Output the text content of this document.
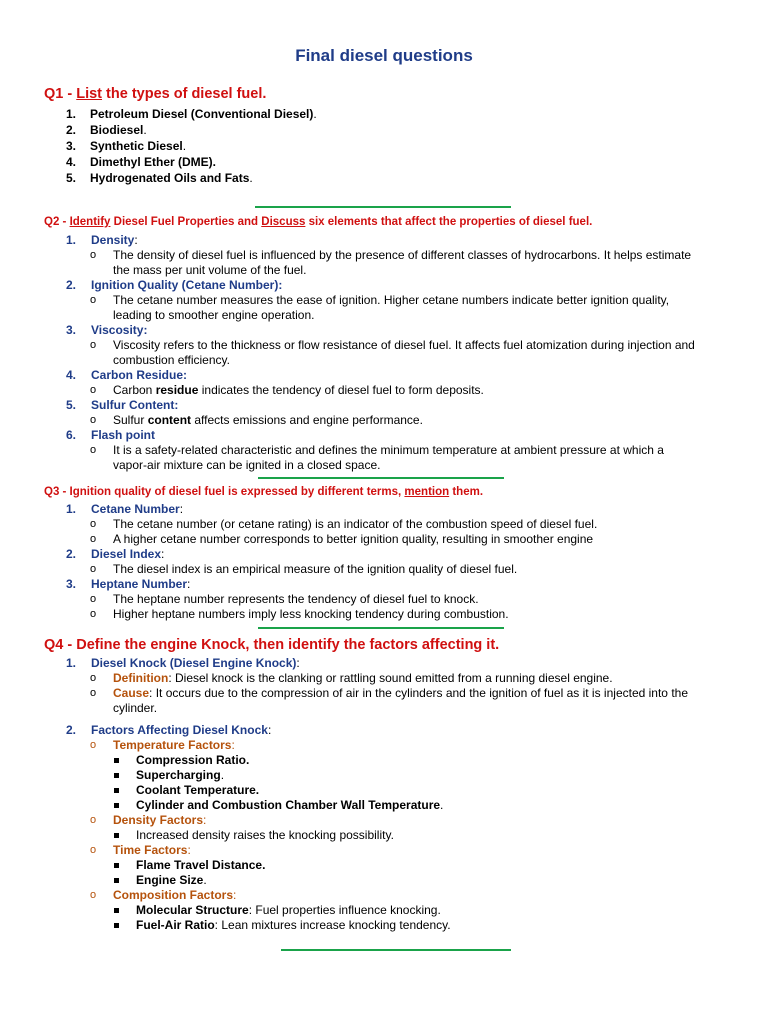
Final diesel questions
Q1 - List the types of diesel fuel.
1. Petroleum Diesel (Conventional Diesel).
2. Biodiesel.
3. Synthetic Diesel.
4. Dimethyl Ether (DME).
5. Hydrogenated Oils and Fats.
Q2 - Identify Diesel Fuel Properties and Discuss six elements that affect the properties of diesel fuel.
1. Density:
o The density of diesel fuel is influenced by the presence of different classes of hydrocarbons. It helps estimate
the mass per unit volume of the fuel.
2. Ignition Quality (Cetane Number):
o The cetane number measures the ease of ignition. Higher cetane numbers indicate better ignition quality,
leading to smoother engine operation.
3. Viscosity:
o Viscosity refers to the thickness or flow resistance of diesel fuel. It affects fuel atomization during injection and
combustion efficiency.
4. Carbon Residue:
o Carbon residue indicates the tendency of diesel fuel to form deposits.
5. Sulfur Content:
o Sulfur content affects emissions and engine performance.
6. Flash point
o It is a safety-related characteristic and defines the minimum temperature at ambient pressure at which a
vapor-air mixture can be ignited in a closed space.
Q3 - Ignition quality of diesel fuel is expressed by different terms, mention them.
1. Cetane Number:
o The cetane number (or cetane rating) is an indicator of the combustion speed of diesel fuel.
o A higher cetane number corresponds to better ignition quality, resulting in smoother engine
2. Diesel Index:
o The diesel index is an empirical measure of the ignition quality of diesel fuel.
3. Heptane Number:
o The heptane number represents the tendency of diesel fuel to knock.
o Higher heptane numbers imply less knocking tendency during combustion.
Q4 - Define the engine Knock, then identify the factors affecting it.
1. Diesel Knock (Diesel Engine Knock):
o Definition: Diesel knock is the clanking or rattling sound emitted from a running diesel engine.
o Cause: It occurs due to the compression of air in the cylinders and the ignition of fuel as it is injected into the
cylinder.
2. Factors Affecting Diesel Knock:
o Temperature Factors:
Compression Ratio.
Supercharging.
Coolant Temperature.
Cylinder and Combustion Chamber Wall Temperature.
o Density Factors:
Increased density raises the knocking possibility.
o Time Factors:
Flame Travel Distance.
Engine Size.
o Composition Factors:
Molecular Structure: Fuel properties influence knocking.
Fuel-Air Ratio: Lean mixtures increase knocking tendency.
